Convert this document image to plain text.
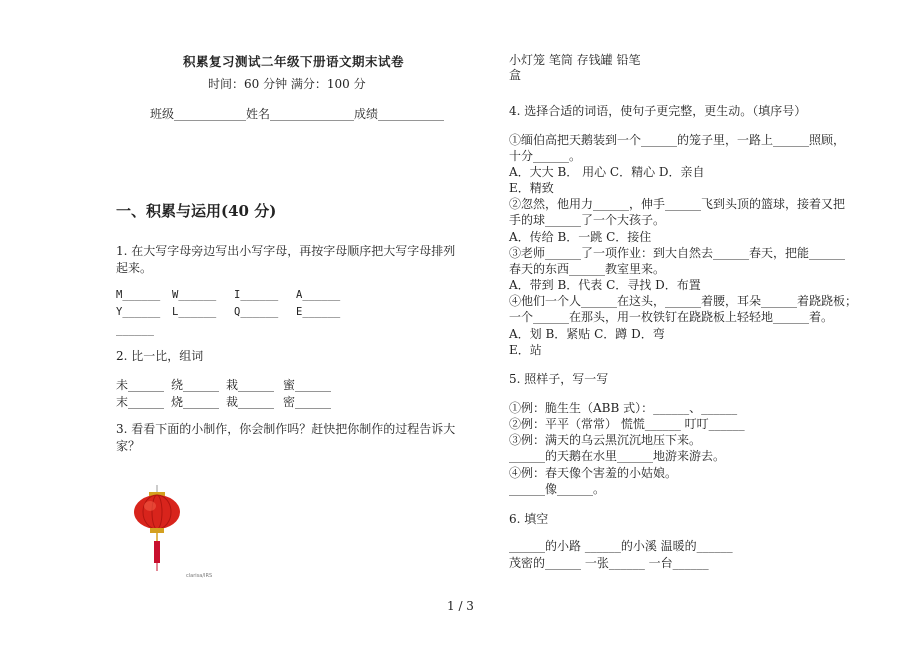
积累复习测试二年级下册语文期末试卷
时间：60 分钟 满分：100 分
班级____________姓名______________成绩___________
一、积累与运用(40 分)
1. 在大写字母旁边写出小写字母，再按字母顺序把大写字母排列
起来。
M______ W______ I______ A______
Y______ L______ Q______ E______
______
2. 比一比，组词
未______ 绕______ 栽______ 蜜______
末______ 烧______ 裁______ 密______
3. 看看下面的小制作，你会制作吗？赶快把你制作的过程告诉大
家？
clarisa/IRS
小灯笼 笔筒 存钱罐 铅笔
盒
4. 选择合适的词语，使句子更完整，更生动。（填序号）
①缅伯高把天鹅装到一个______的笼子里，一路上______照顾，
十分______。
A．大大 B． 用心 C．精心 D．亲自
E．精致
②忽然，他用力______，伸手______飞到头顶的篮球，接着又把
手的球______了一个大孩子。
A．传给 B．一跳 C．接住
③老师______了一项作业：到大自然去______春天，把能______
春天的东西______教室里来。
A．带到 B．代表 C．寻找 D．布置
④他们一个人______在这头，______着腰，耳朵______着跷跷板；
一个______在那头，用一枚铁钉在跷跷板上轻轻地______着。
A．划 B．紧贴 C．蹲 D．弯
E．站
5. 照样子，写一写
①例：脆生生（ABB 式）：______、______
②例：平平（常常） 慌慌______ 叮叮______
③例：满天的乌云黑沉沉地压下来。
______的天鹅在水里______地游来游去。
④例：春天像个害羞的小姑娘。
______像______。
6. 填空
______的小路 ______的小溪 温暖的______
茂密的______ 一张______ 一台______
1 / 3
